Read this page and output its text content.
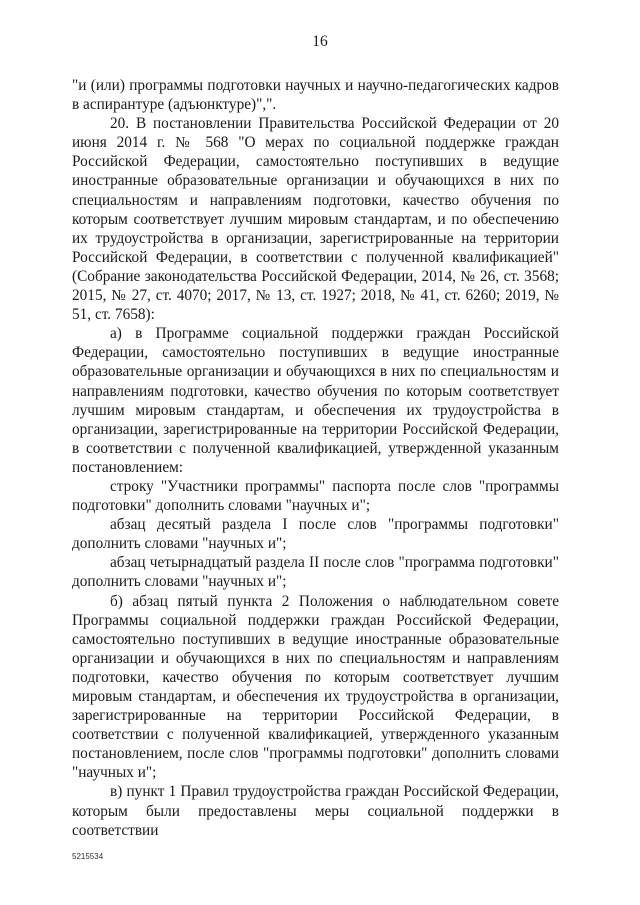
16

"и (или) программы подготовки научных и научно-педагогических кадров в аспирантуре (адъюнктуре)",".

20. В постановлении Правительства Российской Федерации от 20 июня 2014 г. № 568 "О мерах по социальной поддержке граждан Российской Федерации, самостоятельно поступивших в ведущие иностранные образовательные организации и обучающихся в них по специальностям и направлениям подготовки, качество обучения по которым соответствует лучшим мировым стандартам, и по обеспечению их трудоустройства в организации, зарегистрированные на территории Российской Федерации, в соответствии с полученной квалификацией" (Собрание законодательства Российской Федерации, 2014, № 26, ст. 3568; 2015, № 27, ст. 4070; 2017, № 13, ст. 1927; 2018, № 41, ст. 6260; 2019, № 51, ст. 7658):

а) в Программе социальной поддержки граждан Российской Федерации, самостоятельно поступивших в ведущие иностранные образовательные организации и обучающихся в них по специальностям и направлениям подготовки, качество обучения по которым соответствует лучшим мировым стандартам, и обеспечения их трудоустройства в организации, зарегистрированные на территории Российской Федерации, в соответствии с полученной квалификацией, утвержденной указанным постановлением:

строку "Участники программы" паспорта после слов "программы подготовки" дополнить словами "научных и";

абзац десятый раздела I после слов "программы подготовки" дополнить словами "научных и";

абзац четырнадцатый раздела II после слов "программа подготовки" дополнить словами "научных и";

б) абзац пятый пункта 2 Положения о наблюдательном совете Программы социальной поддержки граждан Российской Федерации, самостоятельно поступивших в ведущие иностранные образовательные организации и обучающихся в них по специальностям и направлениям подготовки, качество обучения по которым соответствует лучшим мировым стандартам, и обеспечения их трудоустройства в организации, зарегистрированные на территории Российской Федерации, в соответствии с полученной квалификацией, утвержденного указанным постановлением, после слов "программы подготовки" дополнить словами "научных и";

в) пункт 1 Правил трудоустройства граждан Российской Федерации, которым были предоставлены меры социальной поддержки в соответствии

5215534
